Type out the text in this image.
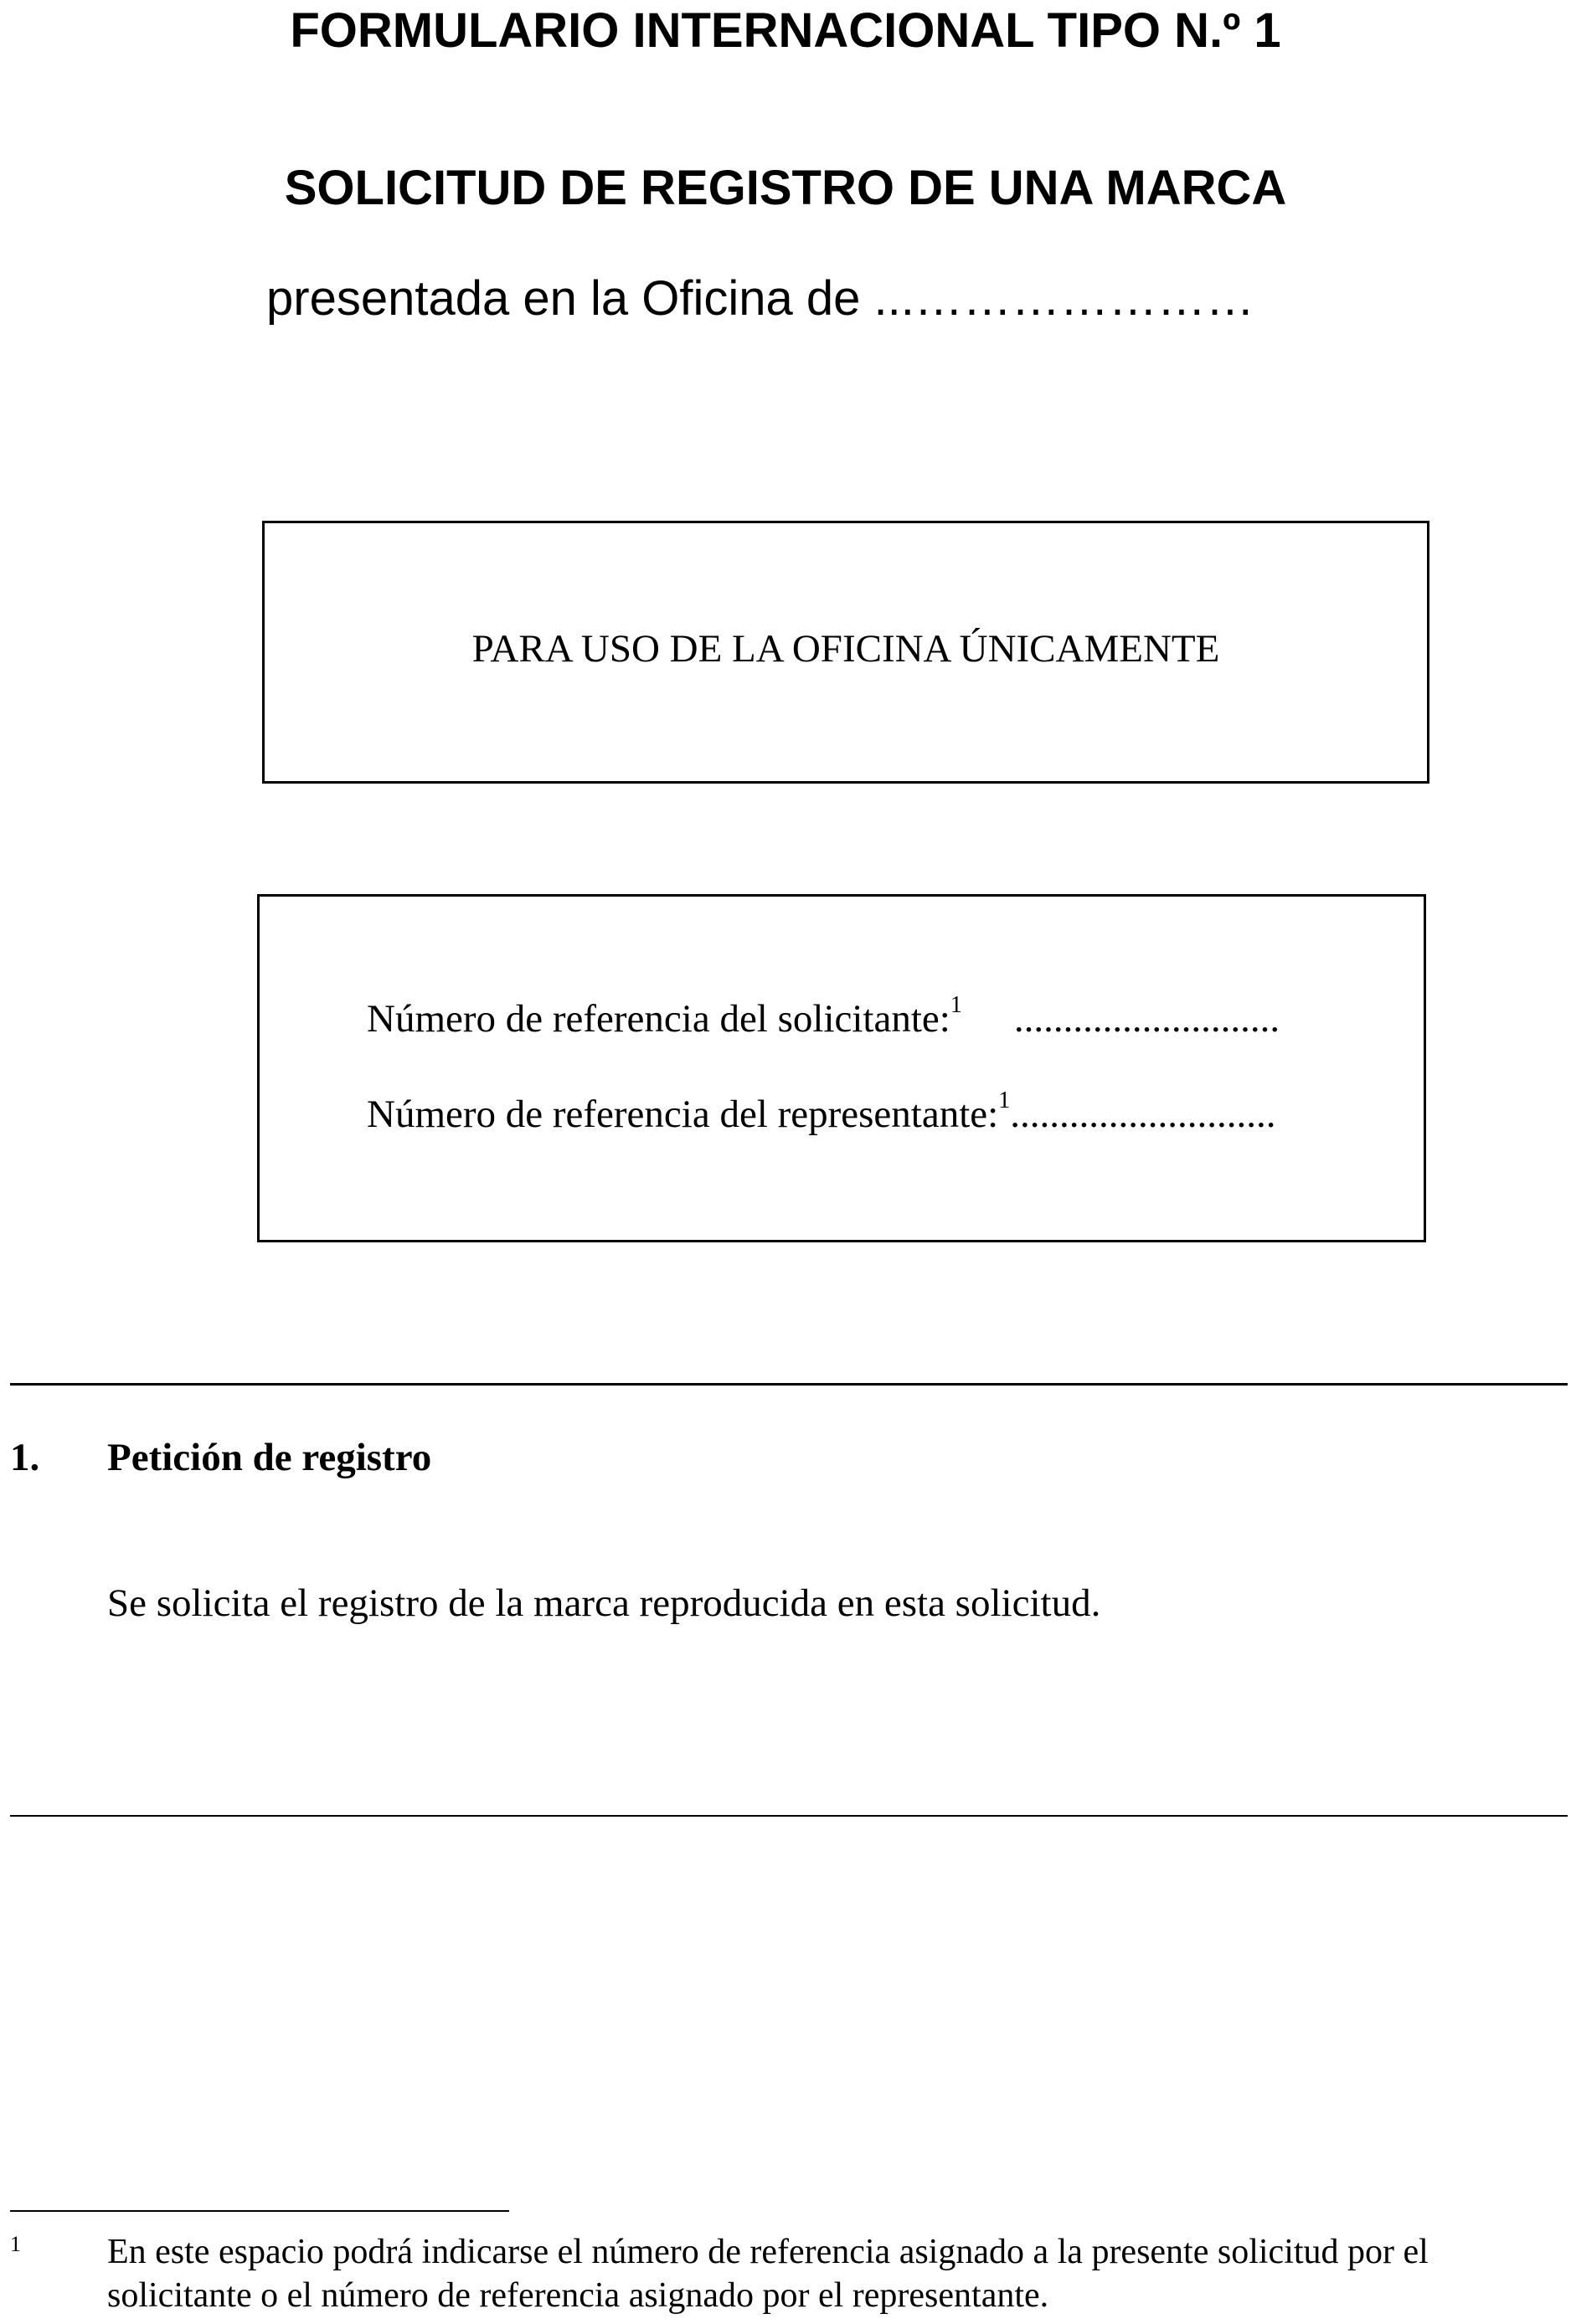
FORMULARIO INTERNACIONAL TIPO N.º 1
SOLICITUD DE REGISTRO DE UNA MARCA
presentada en la Oficina de ...…………………
PARA USO DE LA OFICINA ÚNICAMENTE
Número de referencia del solicitante:$^1$ ...........................
Número de referencia del representante:$^1$...........................
1. Petición de registro
Se solicita el registro de la marca reproducida en esta solicitud.
1 En este espacio podrá indicarse el número de referencia asignado a la presente solicitud por el
solicitante o el número de referencia asignado por el representante.
